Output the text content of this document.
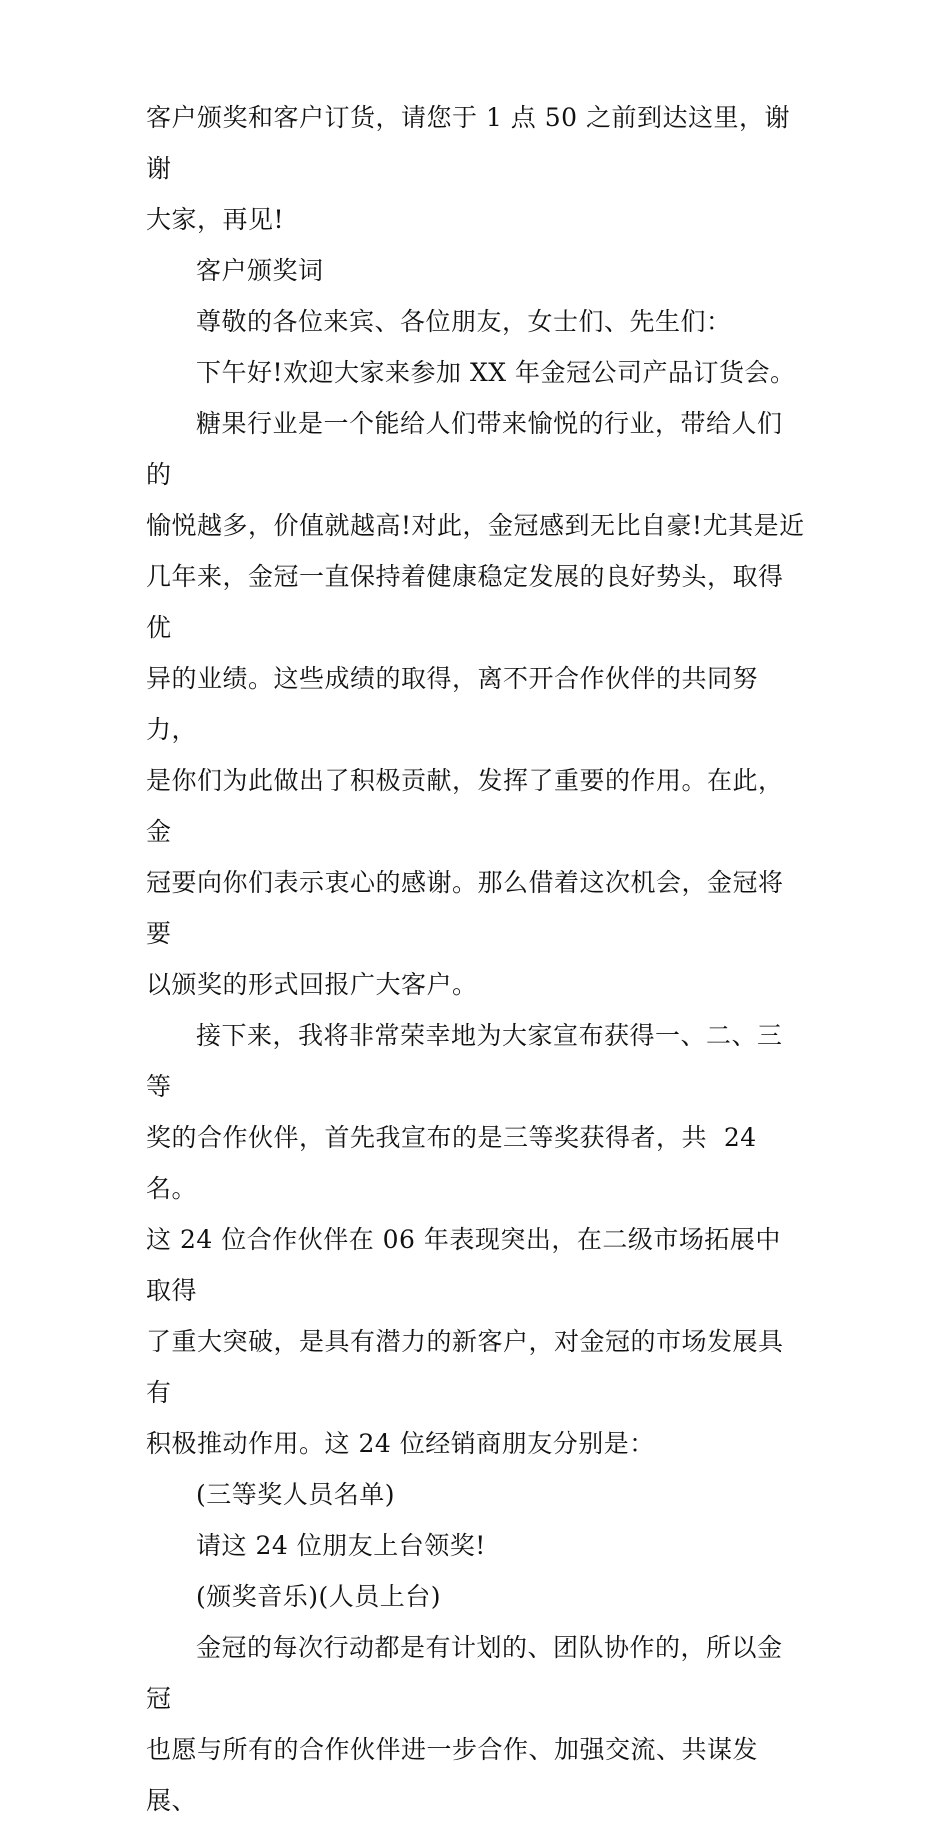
客户颁奖和客户订货，请您于 1 点 50 之前到达这里，谢谢
大家，再见!

客户颁奖词

尊敬的各位来宾、各位朋友，女士们、先生们：

下午好!欢迎大家来参加 XX 年金冠公司产品订货会。

糖果行业是一个能给人们带来愉悦的行业，带给人们的
愉悦越多，价值就越高!对此，金冠感到无比自豪!尤其是近
几年来，金冠一直保持着健康稳定发展的良好势头，取得优
异的业绩。这些成绩的取得，离不开合作伙伴的共同努力，
是你们为此做出了积极贡献，发挥了重要的作用。在此，金
冠要向你们表示衷心的感谢。那么借着这次机会，金冠将要
以颁奖的形式回报广大客户。

接下来，我将非常荣幸地为大家宣布获得一、二、三等
奖的合作伙伴，首先我宣布的是三等奖获得者，共  24  名。
这 24 位合作伙伴在 06 年表现突出，在二级市场拓展中取得
了重大突破，是具有潜力的新客户，对金冠的市场发展具有
积极推动作用。这 24 位经销商朋友分别是：

(三等奖人员名单)

请这 24 位朋友上台领奖!

(颁奖音乐)(人员上台)

金冠的每次行动都是有计划的、团队协作的，所以金冠
也愿与所有的合作伙伴进一步合作、加强交流、共谋发展、
